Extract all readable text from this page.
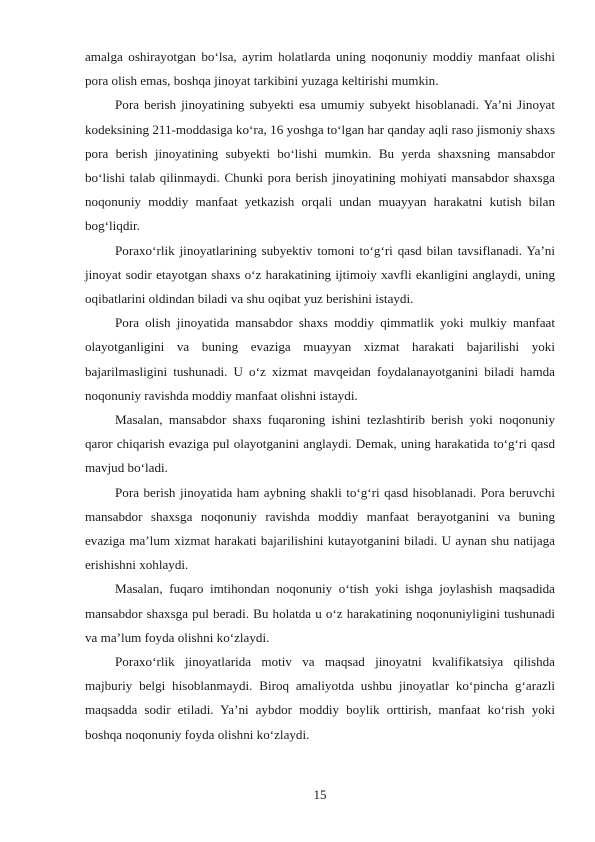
amalga oshirayotgan bo‘lsa, ayrim holatlarda uning noqonuniy moddiy manfaat olishi pora olish emas, boshqa jinoyat tarkibini yuzaga keltirishi mumkin.

Pora berish jinoyatining subyekti esa umumiy subyekt hisoblanadi. Ya’ni Jinoyat kodeksining 211-moddasiga ko‘ra, 16 yoshga to‘lgan har qanday aqli raso jismoniy shaxs pora berish jinoyatining subyekti bo‘lishi mumkin. Bu yerda shaxsning mansabdor bo‘lishi talab qilinmaydi. Chunki pora berish jinoyatining mohiyati mansabdor shaxsga noqonuniy moddiy manfaat yetkazish orqali undan muayyan harakatni kutish bilan bog‘liqdir.

Poraxo‘rlik jinoyatlarining subyektiv tomoni to‘g‘ri qasd bilan tavsiflanadi. Ya’ni jinoyat sodir etayotgan shaxs o‘z harakatining ijtimoiy xavfli ekanligini anglaydi, uning oqibatlarini oldindan biladi va shu oqibat yuz berishini istaydi.

Pora olish jinoyatida mansabdor shaxs moddiy qimmatlik yoki mulkiy manfaat olayotganligini va buning evaziga muayyan xizmat harakati bajarilishi yoki bajarilmasligini tushunadi. U o‘z xizmat mavqeidan foydalanayotganini biladi hamda noqonuniy ravishda moddiy manfaat olishni istaydi.

Masalan, mansabdor shaxs fuqaroning ishini tezlashtirib berish yoki noqonuniy qaror chiqarish evaziga pul olayotganini anglaydi. Demak, uning harakatida to‘g‘ri qasd mavjud bo‘ladi.

Pora berish jinoyatida ham aybning shakli to‘g‘ri qasd hisoblanadi. Pora beruvchi mansabdor shaxsga noqonuniy ravishda moddiy manfaat berayotganini va buning evaziga ma’lum xizmat harakati bajarilishini kutayotganini biladi. U aynan shu natijaga erishishni xohlaydi.

Masalan, fuqaro imtihondan noqonuniy o‘tish yoki ishga joylashish maqsadida mansabdor shaxsga pul beradi. Bu holatda u o‘z harakatining noqonuniyligini tushunadi va ma’lum foyda olishni ko‘zlaydi.

Poraxo‘rlik jinoyatlarida motiv va maqsad jinoyatni kvalifikatsiya qilishda majburiy belgi hisoblanmaydi. Biroq amaliyotda ushbu jinoyatlar ko‘pincha g‘arazli maqsadda sodir etiladi. Ya’ni aybdor moddiy boylik orttirish, manfaat ko‘rish yoki boshqa noqonuniy foyda olishni ko‘zlaydi.

15
